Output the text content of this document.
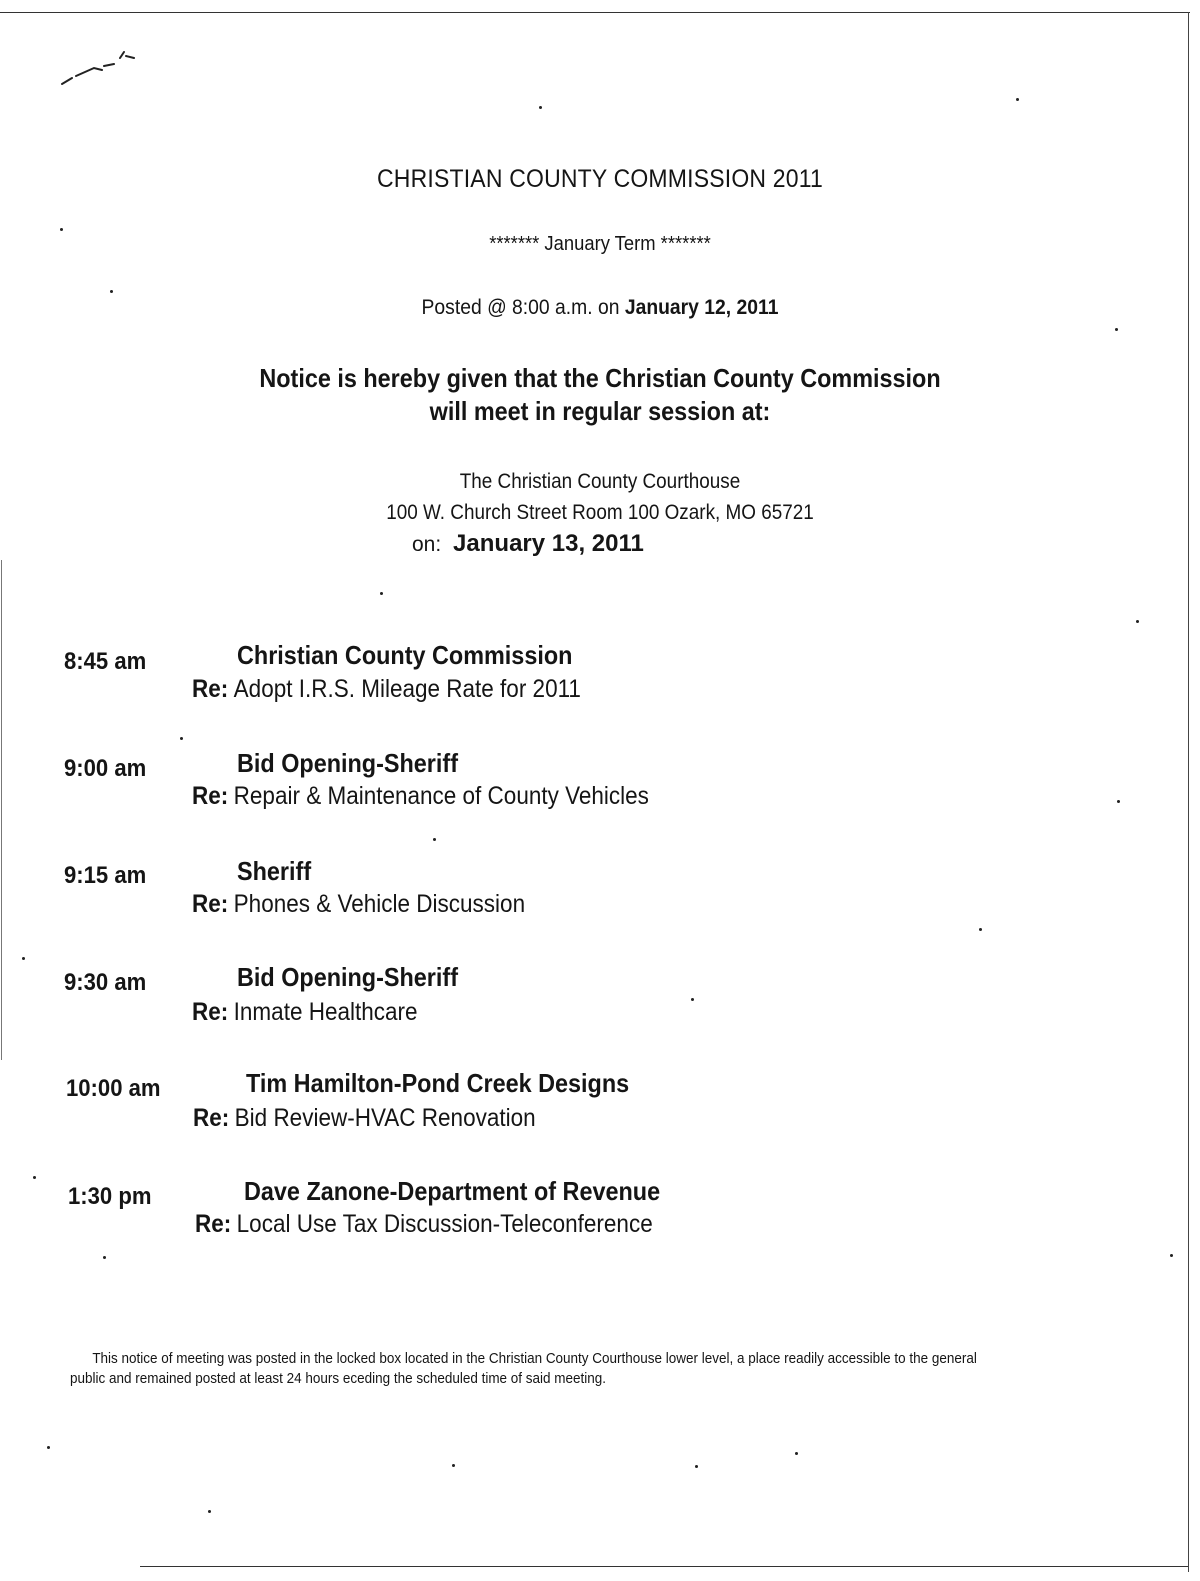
CHRISTIAN COUNTY COMMISSION 2011
******* January Term *******
Posted @ 8:00 a.m. on January 12, 2011
Notice is hereby given that the Christian County Commission
will meet in regular session at:
The Christian County Courthouse
100 W. Church Street Room 100 Ozark, MO 65721
on: January 13, 2011
8:45 am	Christian County Commission
Re: Adopt I.R.S. Mileage Rate for 2011
9:00 am	Bid Opening-Sheriff
Re: Repair & Maintenance of County Vehicles
9:15 am	Sheriff
Re: Phones & Vehicle Discussion
9:30 am	Bid Opening-Sheriff
Re: Inmate Healthcare
10:00 am	Tim Hamilton-Pond Creek Designs
Re: Bid Review-HVAC Renovation
1:30 pm	Dave Zanone-Department of Revenue
Re: Local Use Tax Discussion-Teleconference
This notice of meeting was posted in the locked box located in the Christian County Courthouse lower level, a place readily accessible to the general
public and remained posted at least 24 hours eceding the scheduled time of said meeting.
